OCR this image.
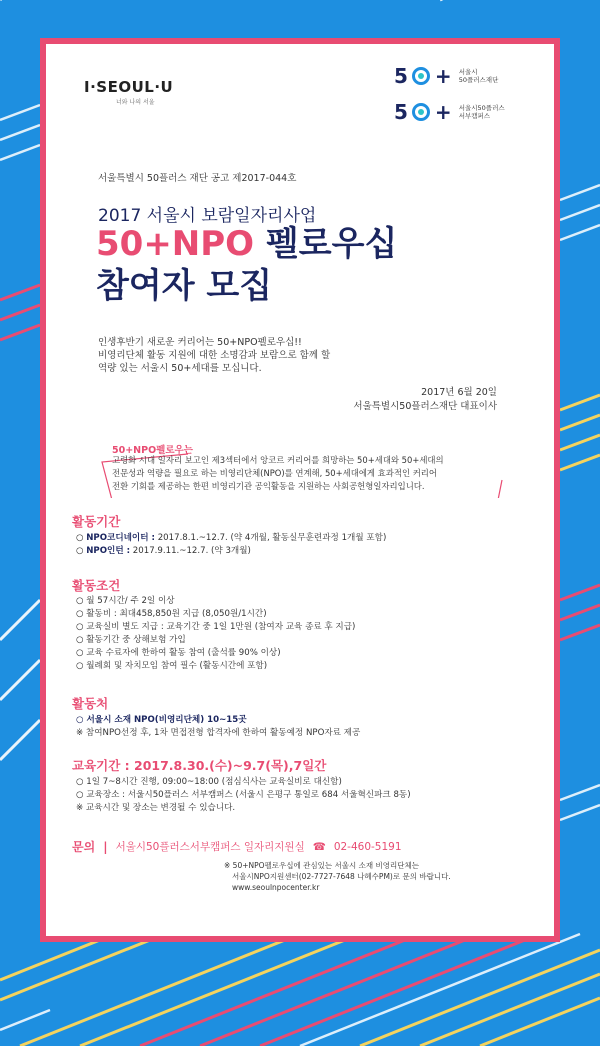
I·SEOUL·U
너와 나의 서울
5 + 서울시
50플러스재단
5 + 서울시50플러스
서부캠퍼스
서울특별시 50플러스 재단 공고 제2017-044호
2017 서울시 보람일자리사업
50+NPO 펠로우십
참여자 모집
인생후반기 새로운 커리어는 50+NPO펠로우십!!
비영리단체 활동 지원에 대한 소명감과 보람으로 함께 할
역량 있는 서울시 50+세대를 모십니다.
2017년 6월 20일
서울특별시50플러스재단 대표이사
50+NPO펠로우는
고령화 시대 일자리 보고인 제3섹터에서 앙코르 커리어를 희망하는 50+세대와 50+세대의
전문성과 역량을 필요로 하는 비영리단체(NPO)를 연계해, 50+세대에게 효과적인 커리어
전환 기회를 제공하는 한편 비영리기관 공익활동을 지원하는 사회공헌형일자리입니다.
활동기간
○ NPO코디네이터 : 2017.8.1.~12.7. (약 4개월, 활동실무훈련과정 1개월 포함)
○ NPO인턴 : 2017.9.11.~12.7. (약 3개월)
활동조건
○ 월 57시간/ 주 2일 이상
○ 활동비 : 최대458,850원 지급 (8,050원/1시간)
○ 교육실비 별도 지급 : 교육기간 중 1일 1만원 (참여자 교육 종료 후 지급)
○ 활동기간 중 상해보험 가입
○ 교육 수료자에 한하여 활동 참여 (출석률 90% 이상)
○ 월례회 및 자치모임 참여 필수 (활동시간에 포함)
활동처
○ 서울시 소재 NPO(비영리단체) 10~15곳
※ 참여NPO선정 후, 1차 면접전형 합격자에 한하여 활동예정 NPO자료 제공
교육기간 : 2017.8.30.(수)~9.7(목),7일간
○ 1일 7~8시간 진행, 09:00~18:00 (점심식사는 교육실비로 대신함)
○ 교육장소 : 서울시50플러스 서부캠퍼스 (서울시 은평구 통일로 684 서울혁신파크 8동)
※ 교육시간 및 장소는 변경될 수 있습니다.
문의 | 서울시50플러스서부캠퍼스 일자리지원실 ☎ 02-460-5191
※ 50+NPO펠로우십에 관심있는 서울시 소재 비영리단체는
서울시NPO지원센터(02-7727-7648 나혜수PM)로 문의 바랍니다.
www.seoulnpocenter.kr
